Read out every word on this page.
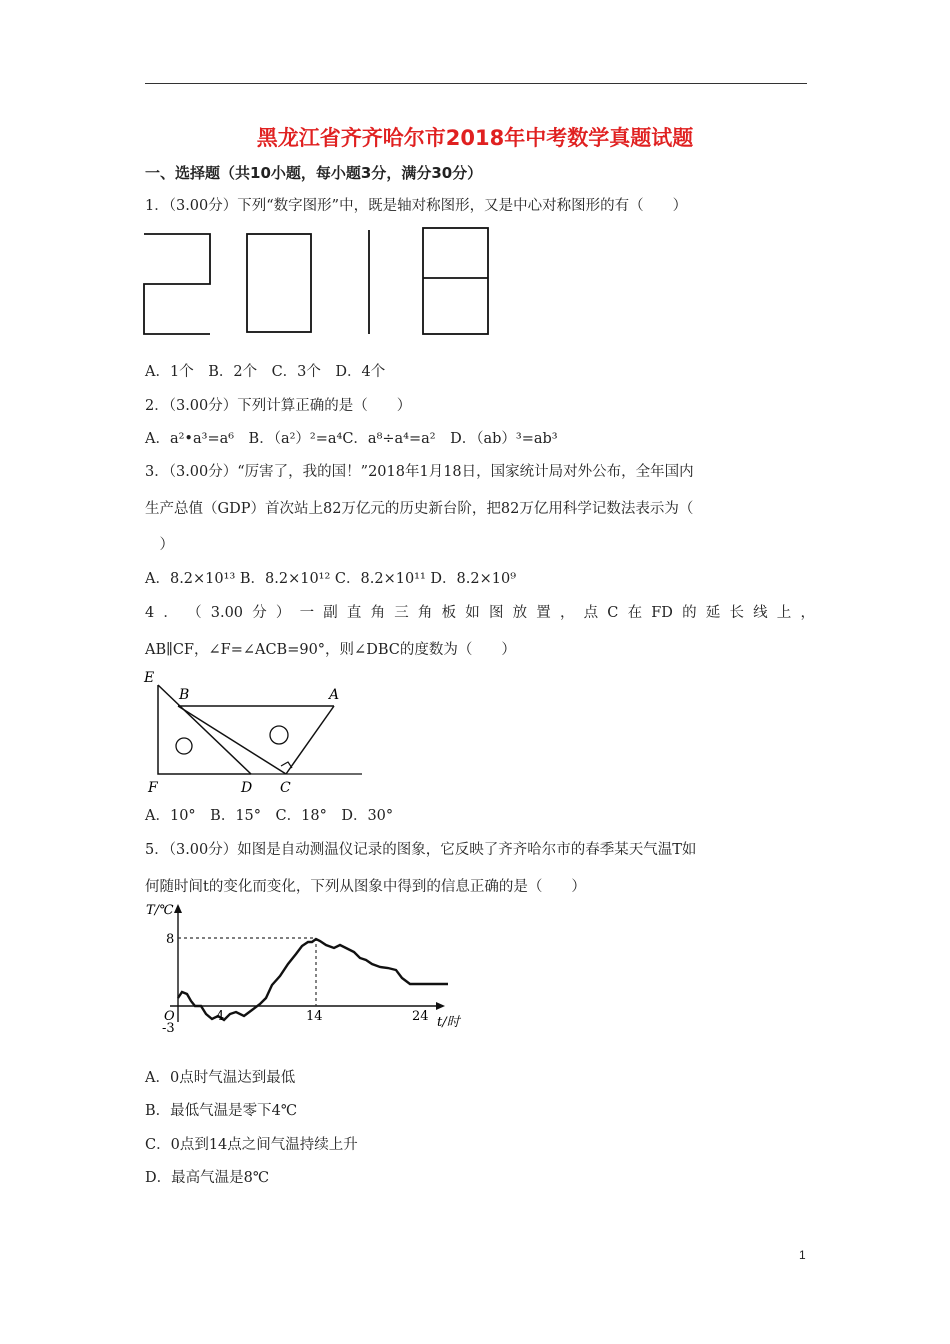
黑龙江省齐齐哈尔市2018年中考数学真题试题
一、选择题（共10小题，每小题3分，满分30分）
1．（3.00分）下列“数字图形”中，既是轴对称图形，又是中心对称图形的有（　　）
A．1个　B．2个　C．3个　D．4个
2．（3.00分）下列计算正确的是（　　）
A．a²•a³=a⁶　B．（a²）²=a⁴C．a⁸÷a⁴=a²　D．（ab）³=ab³
3．（3.00分）“厉害了，我的国！”2018年1月18日，国家统计局对外公布，全年国内
生产总值（GDP）首次站上82万亿元的历史新台阶，把82万亿用科学记数法表示为（
　）
A．8.2×10¹³ B．8.2×10¹² C．8.2×10¹¹ D．8.2×10⁹
4 ． （ 3.00 分 ） 一 副 直 角 三 角 板 如 图 放 置 ， 点 C 在 FD 的 延 长 线 上 ，
AB∥CF，∠F=∠ACB=90°，则∠DBC的度数为（　　）
E
B	A
F	D C
A．10°　B．15°　C．18°　D．30°
5．（3.00分）如图是自动测温仪记录的图象，它反映了齐齐哈尔市的春季某天气温T如
何随时间t的变化而变化，下列从图象中得到的信息正确的是（　　）
T/℃
8
O
-3
4	14	24 t/时
A．0点时气温达到最低
B．最低气温是零下4℃
C．0点到14点之间气温持续上升
D．最高气温是8℃
1
